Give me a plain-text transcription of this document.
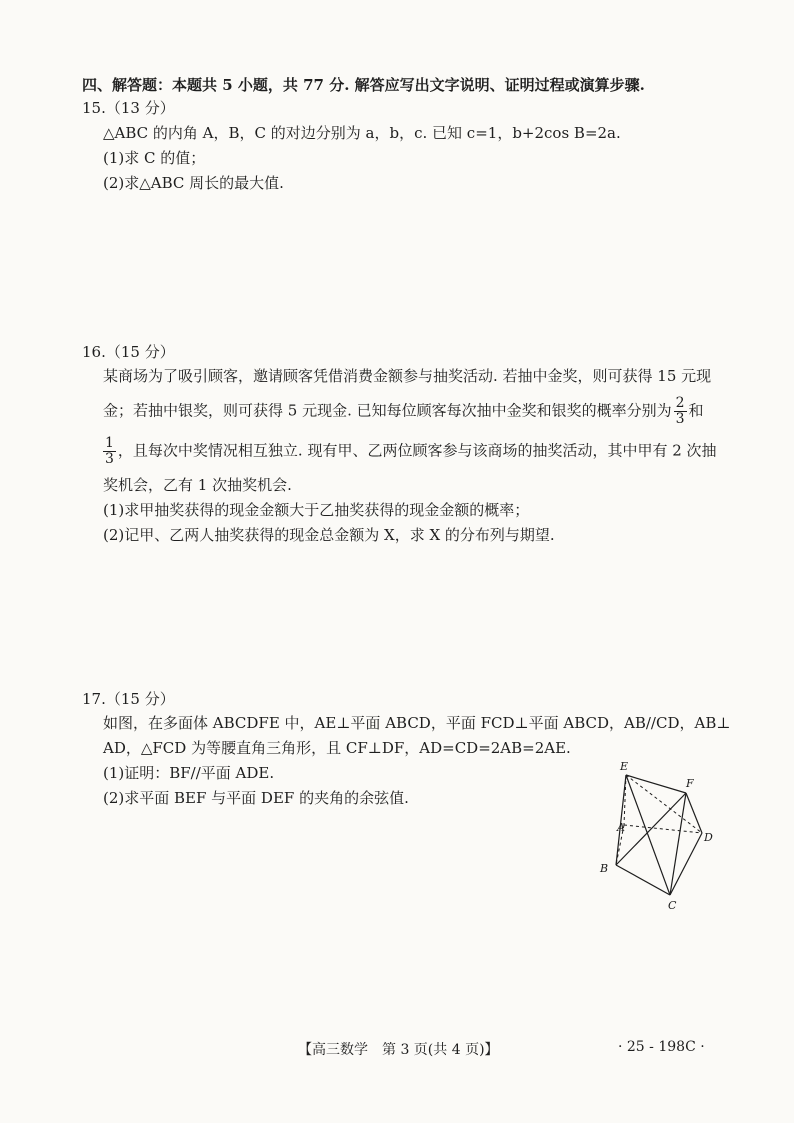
四、解答题：本题共 5 小题，共 77 分. 解答应写出文字说明、证明过程或演算步骤.
15.（13 分）
△ABC 的内角 A，B，C 的对边分别为 a，b，c. 已知 c=1，b+2cos B=2a.
(1)求 C 的值；
(2)求△ABC 周长的最大值.
16.（15 分）
某商场为了吸引顾客，邀请顾客凭借消费金额参与抽奖活动. 若抽中金奖，则可获得 15 元现
金；若抽中银奖，则可获得 5 元现金. 已知每位顾客每次抽中金奖和银奖的概率分别为 $\frac{2}{3}$ 和
$\frac{1}{3}$ ，且每次中奖情况相互独立. 现有甲、乙两位顾客参与该商场的抽奖活动，其中甲有 2 次抽
奖机会，乙有 1 次抽奖机会.
(1)求甲抽奖获得的现金金额大于乙抽奖获得的现金金额的概率；
(2)记甲、乙两人抽奖获得的现金总金额为 X，求 X 的分布列与期望.
17.（15 分）
如图，在多面体 ABCDFE 中，AE⊥平面 ABCD，平面 FCD⊥平面 ABCD，AB//CD，AB⊥
AD，△FCD 为等腰直角三角形，且 CF⊥DF，AD=CD=2AB=2AE.
(1)证明：BF//平面 ADE.
(2)求平面 BEF 与平面 DEF 的夹角的余弦值.
E
F
A
D
B
C
【高三数学　第 3 页(共 4 页)】	· 25 - 198C ·
